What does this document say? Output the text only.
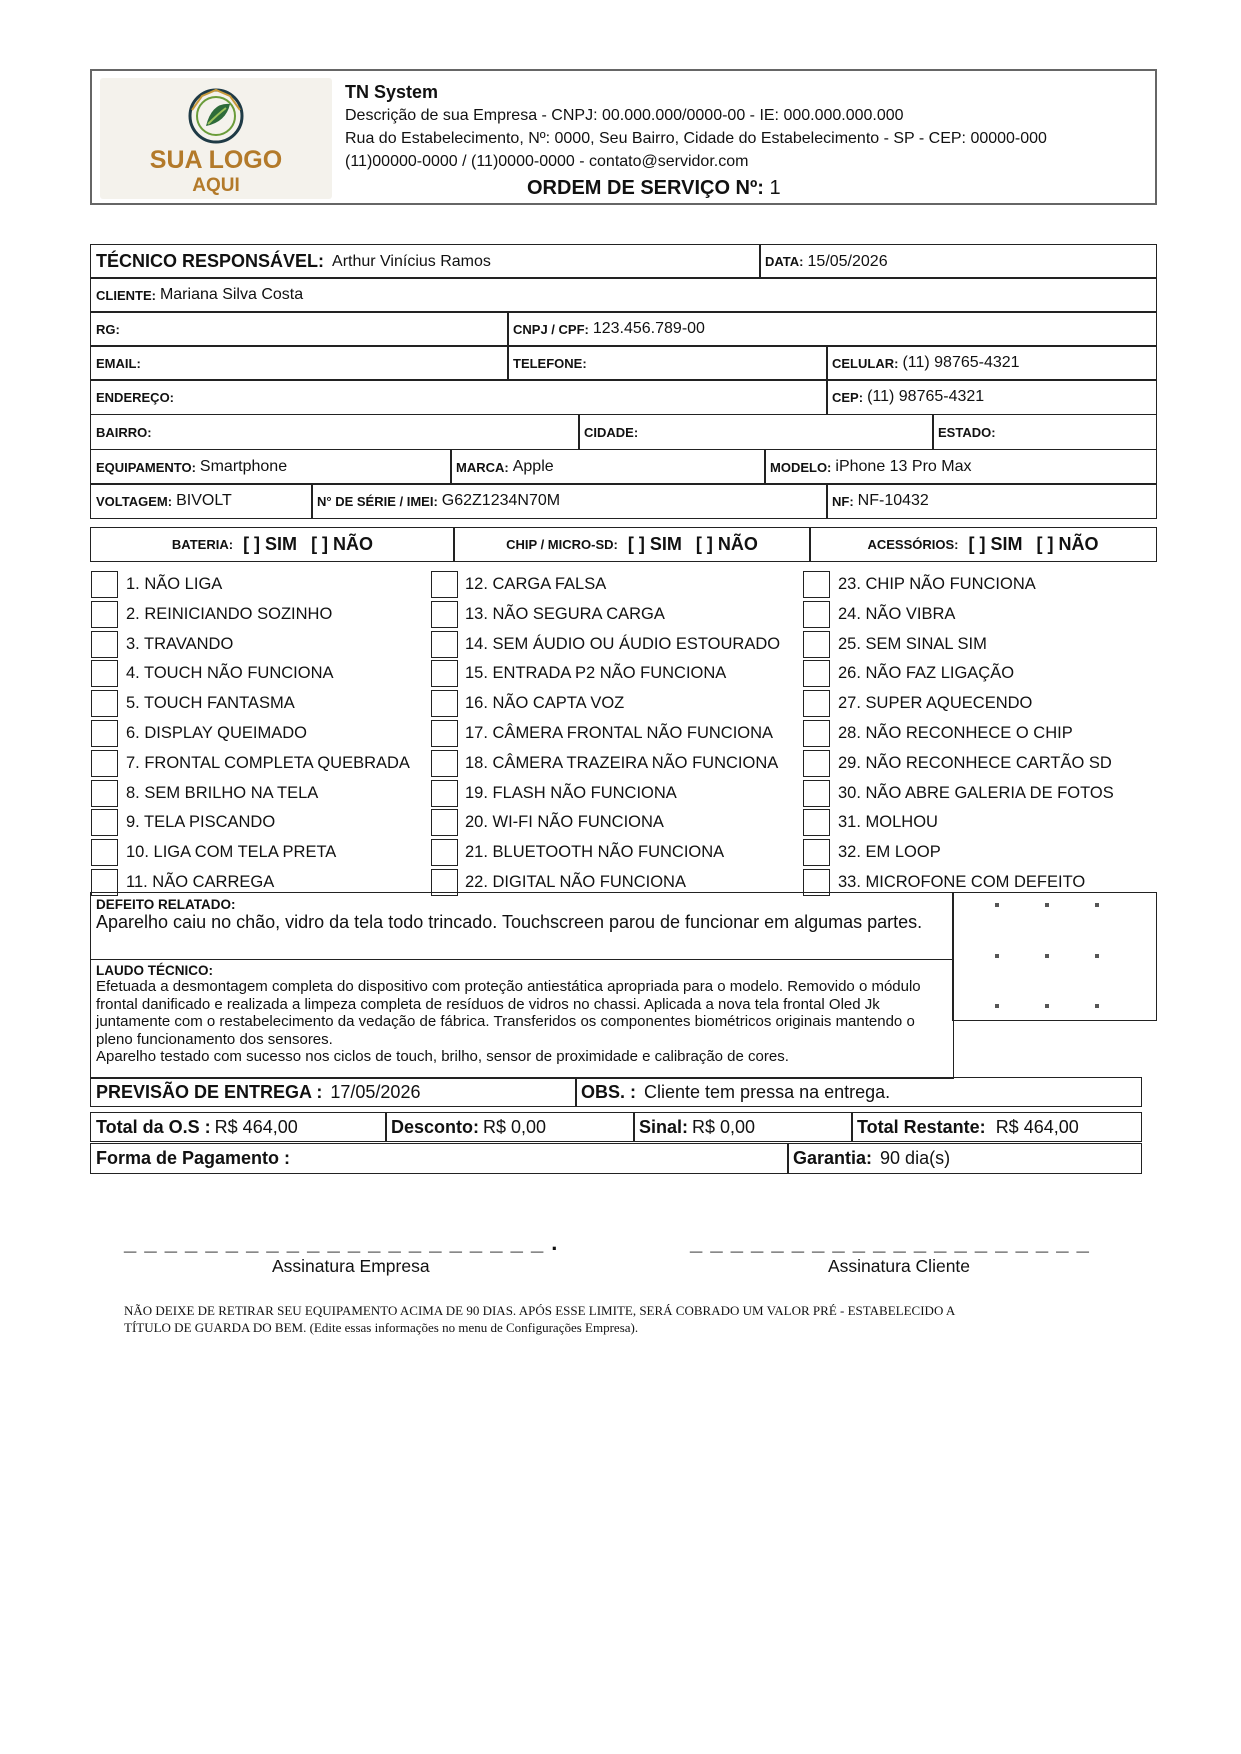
SUA LOGO
AQUI
TN System
Descrição de sua Empresa - CNPJ: 00.000.000/0000-00 - IE: 000.000.000.000
Rua do Estabelecimento, Nº: 0000, Seu Bairro, Cidade do Estabelecimento - SP - CEP: 00000-000
(11)00000-0000 / (11)0000-0000 - contato@servidor.com
ORDEM DE SERVIÇO Nº: 1
TÉCNICO RESPONSÁVEL: Arthur Vinícius Ramos	DATA: 15/05/2026
CLIENTE: Mariana Silva Costa
RG:	CNPJ / CPF: 123.456.789-00
EMAIL:	TELEFONE:	CELULAR: (11) 98765-4321
ENDEREÇO:	CEP: (11) 98765-4321
BAIRRO:	CIDADE:	ESTADO:
EQUIPAMENTO: Smartphone	MARCA: Apple	MODELO: iPhone 13 Pro Max
VOLTAGEM: BIVOLT	N° DE SÉRIE / IMEI: G62Z1234N70M	NF: NF-10432
BATERIA: [ ] SIM [ ] NÃO	CHIP / MICRO-SD: [ ] SIM [ ] NÃO	ACESSÓRIOS: [ ] SIM [ ] NÃO
1. NÃO LIGA
2. REINICIANDO SOZINHO
3. TRAVANDO
4. TOUCH NÃO FUNCIONA
5. TOUCH FANTASMA
6. DISPLAY QUEIMADO
7. FRONTAL COMPLETA QUEBRADA
8. SEM BRILHO NA TELA
9. TELA PISCANDO
10. LIGA COM TELA PRETA
11. NÃO CARREGA
12. CARGA FALSA
13. NÃO SEGURA CARGA
14. SEM ÁUDIO OU ÁUDIO ESTOURADO
15. ENTRADA P2 NÃO FUNCIONA
16. NÃO CAPTA VOZ
17. CÂMERA FRONTAL NÃO FUNCIONA
18. CÂMERA TRAZEIRA NÃO FUNCIONA
19. FLASH NÃO FUNCIONA
20. WI-FI NÃO FUNCIONA
21. BLUETOOTH NÃO FUNCIONA
22. DIGITAL NÃO FUNCIONA
23. CHIP NÃO FUNCIONA
24. NÃO VIBRA
25. SEM SINAL SIM
26. NÃO FAZ LIGAÇÃO
27. SUPER AQUECENDO
28. NÃO RECONHECE O CHIP
29. NÃO RECONHECE CARTÃO SD
30. NÃO ABRE GALERIA DE FOTOS
31. MOLHOU
32. EM LOOP
33. MICROFONE COM DEFEITO
DEFEITO RELATADO:
Aparelho caiu no chão, vidro da tela todo trincado. Touchscreen parou de funcionar em algumas partes.
LAUDO TÉCNICO:
Efetuada a desmontagem completa do dispositivo com proteção antiestática apropriada para o modelo. Removido o módulo frontal danificado e realizada a limpeza completa de resíduos de vidros no chassi. Aplicada a nova tela frontal Oled Jk juntamente com o restabelecimento da vedação de fábrica. Transferidos os componentes biométricos originais mantendo o pleno funcionamento dos sensores.
Aparelho testado com sucesso nos ciclos de touch, brilho, sensor de proximidade e calibração de cores.
PREVISÃO DE ENTREGA : 17/05/2026	OBS. : Cliente tem pressa na entrega.
Total da O.S : R$ 464,00	Desconto: R$ 0,00	Sinal: R$ 0,00	Total Restante: R$ 464,00
Forma de Pagamento :	Garantia: 90 dia(s)
_ _ _ _ _ _ _ _ _ _ _ _ _ _ _ _ _ _ _ _ _ .	_ _ _ _ _ _ _ _ _ _ _ _ _ _ _ _ _ _ _ _
Assinatura Empresa	Assinatura Cliente
NÃO DEIXE DE RETIRAR SEU EQUIPAMENTO ACIMA DE 90 DIAS. APÓS ESSE LIMITE, SERÁ COBRADO UM VALOR PRÉ - ESTABELECIDO A
TÍTULO DE GUARDA DO BEM. (Edite essas informações no menu de Configurações Empresa).
